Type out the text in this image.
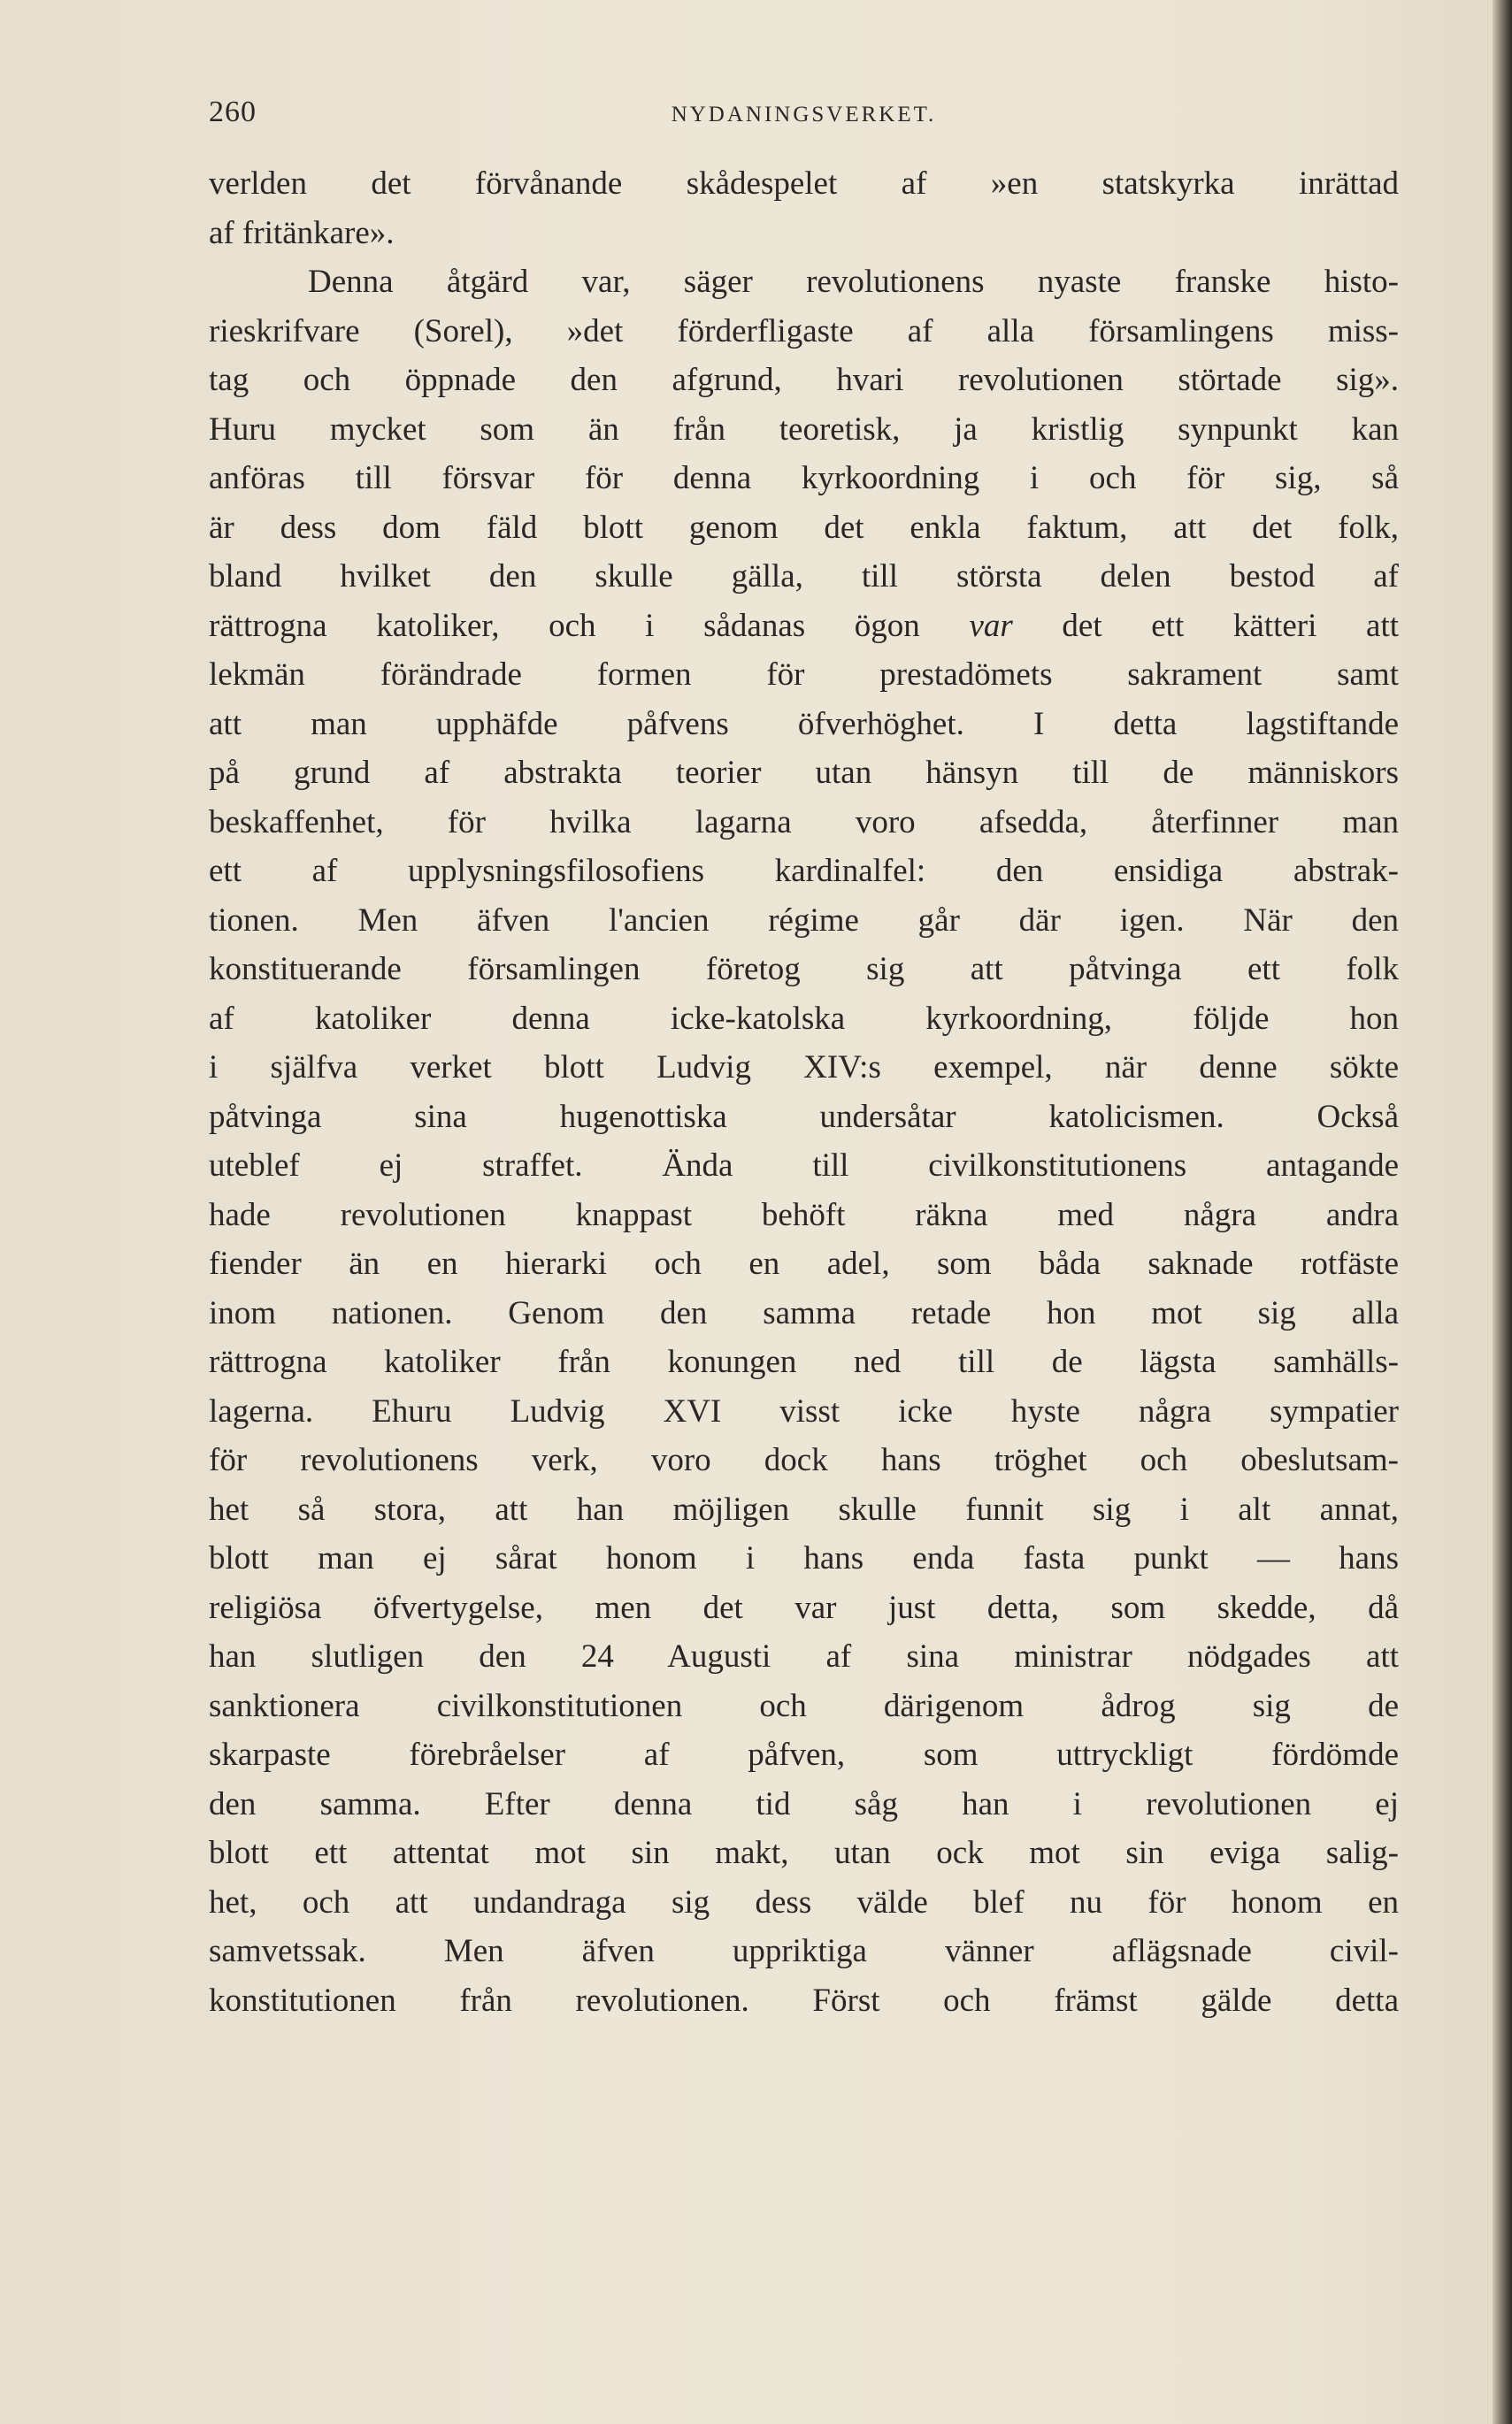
260	NYDANINGSVERKET.
verlden det förvånande skådespelet af »en statskyrka inrättad
af fritänkare».
Denna åtgärd var, säger revolutionens nyaste franske histo-
rieskrifvare (Sorel), »det förderfligaste af alla församlingens miss-
tag och öppnade den afgrund, hvari revolutionen störtade sig».
Huru mycket som än från teoretisk, ja kristlig synpunkt kan
anföras till försvar för denna kyrkoordning i och för sig, så
är dess dom fäld blott genom det enkla faktum, att det folk,
bland hvilket den skulle gälla, till största delen bestod af
rättrogna katoliker, och i sådanas ögon var det ett kätteri att
lekmän förändrade formen för prestadömets sakrament samt
att man upphäfde påfvens öfverhöghet. I detta lagstiftande
på grund af abstrakta teorier utan hänsyn till de människors
beskaffenhet, för hvilka lagarna voro afsedda, återfinner man
ett af upplysningsfilosofiens kardinalfel: den ensidiga abstrak-
tionen. Men äfven l'ancien régime går där igen. När den
konstituerande församlingen företog sig att påtvinga ett folk
af katoliker denna icke-katolska kyrkoordning, följde hon
i själfva verket blott Ludvig XIV:s exempel, när denne sökte
påtvinga sina hugenottiska undersåtar katolicismen. Också
uteblef ej straffet. Ända till civilkonstitutionens antagande
hade revolutionen knappast behöft räkna med några andra
fiender än en hierarki och en adel, som båda saknade rotfäste
inom nationen. Genom den samma retade hon mot sig alla
rättrogna katoliker från konungen ned till de lägsta samhälls-
lagerna. Ehuru Ludvig XVI visst icke hyste några sympatier
för revolutionens verk, voro dock hans tröghet och obeslutsam-
het så stora, att han möjligen skulle funnit sig i alt annat,
blott man ej sårat honom i hans enda fasta punkt — hans
religiösa öfvertygelse, men det var just detta, som skedde, då
han slutligen den 24 Augusti af sina ministrar nödgades att
sanktionera civilkonstitutionen och därigenom ådrog sig de
skarpaste förebråelser af påfven, som uttryckligt fördömde
den samma. Efter denna tid såg han i revolutionen ej
blott ett attentat mot sin makt, utan ock mot sin eviga salig-
het, och att undandraga sig dess välde blef nu för honom en
samvetssak. Men äfven uppriktiga vänner aflägsnade civil-
konstitutionen från revolutionen. Först och främst gälde detta
